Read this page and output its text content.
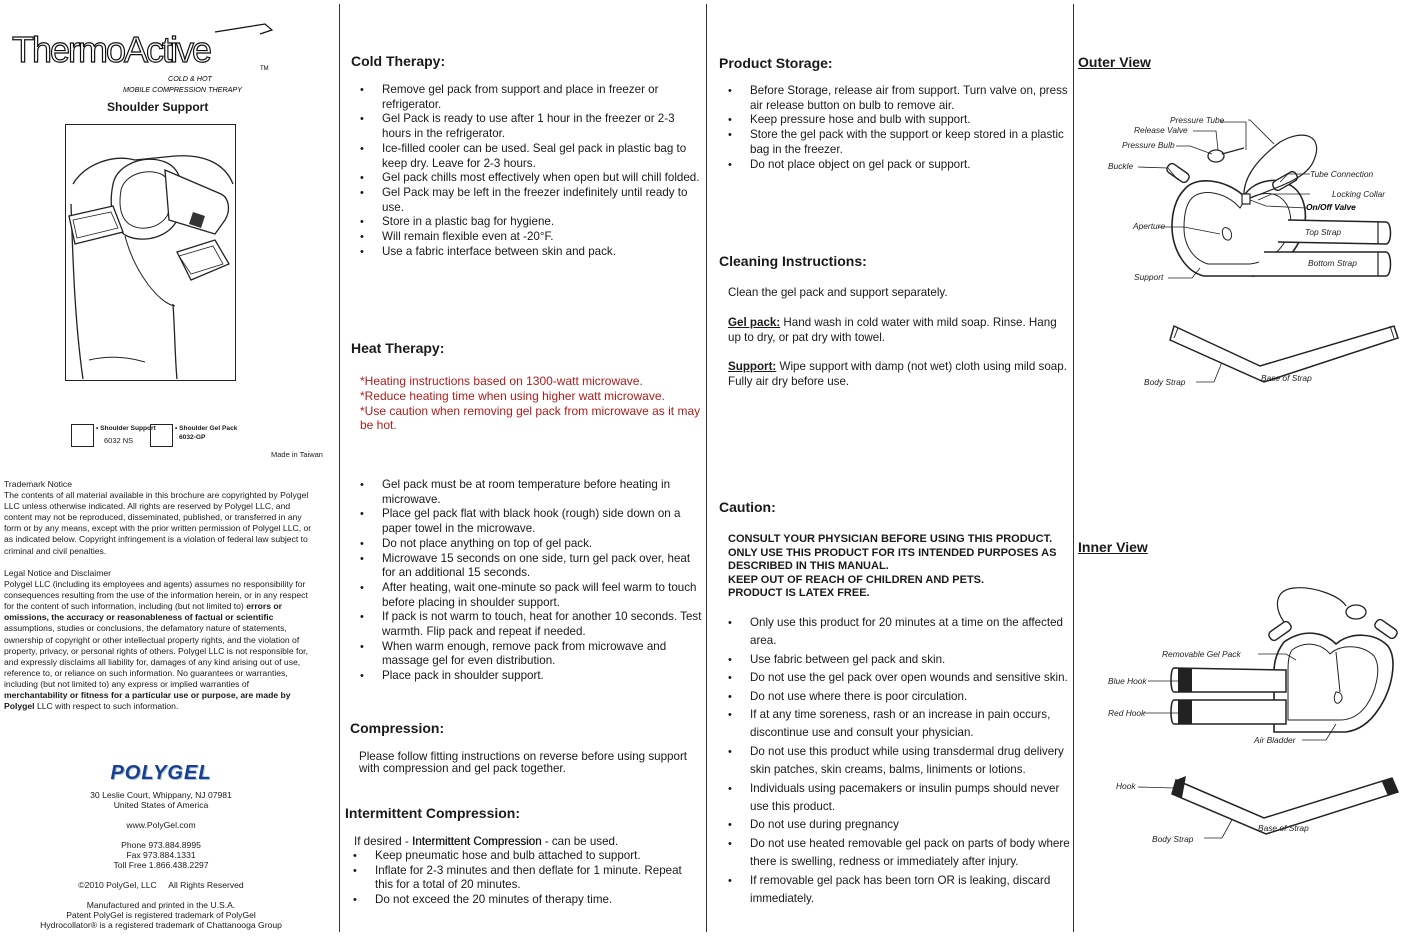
ThermoActive	TM
COLD & HOT
MOBILE COMPRESSION THERAPY
Shoulder Support
• Shoulder Support
6032 NS
• Shoulder Gel Pack
6032-GP
Made in Taiwan
Trademark Notice
The contents of all material available in this brochure are copyrighted by Polygel LLC unless otherwise indicated. All rights are reserved by Polygel LLC, and content may not be reproduced, disseminated, published, or transferred in any form or by any means, except with the prior written permission of Polygel LLC, or as indicated below. Copyright infringement is a violation of federal law subject to criminal and civil penalties.
Legal Notice and Disclaimer
Polygel LLC (including its employees and agents) assumes no responsibility for consequences resulting from the use of the information herein, or in any respect for the content of such information, including (but not limited to) errors or omissions, the accuracy or reasonableness of factual or scientific assumptions, studies or conclusions, the defamatory nature of statements, ownership of copyright or other intellectual property rights, and the violation of property, privacy, or personal rights of others. Polygel LLC is not responsible for, and expressly disclaims all liability for, damages of any kind arising out of use, reference to, or reliance on such information. No guarantees or warranties, including (but not limited to) any express or implied warranties of merchantability or fitness for a particular use or purpose, are made by Polygel LLC with respect to such information.
POLYGEL
30 Leslie Court, Whippany, NJ 07981
United States of America
www.PolyGel.com
Phone 973.884.8995
Fax 973.884.1331
Toll Free 1.866.438.2297
©2010 PolyGel, LLC     All Rights Reserved
Manufactured and printed in the U.S.A.
Patent PolyGel is registered trademark of PolyGel
Hydrocollator® is a registered trademark of Chattanooga Group
Cold Therapy:
• Remove gel pack from support and place in freezer or refrigerator.
• Gel Pack is ready to use after 1 hour in the freezer or 2-3 hours in the refrigerator.
• Ice-filled cooler can be used. Seal gel pack in plastic bag to keep dry. Leave for 2-3 hours.
• Gel pack chills most effectively when open but will chill folded.
• Gel Pack may be left in the freezer indefinitely until ready to use.
• Store in a plastic bag for hygiene.
• Will remain flexible even at -20°F.
• Use a fabric interface between skin and pack.
Heat Therapy:
*Heating instructions based on 1300-watt microwave.
*Reduce heating time when using higher watt microwave.
*Use caution when removing gel pack from microwave as it may be hot.
• Gel pack must be at room temperature before heating in microwave.
• Place gel pack flat with black hook (rough) side down on a paper towel in the microwave.
• Do not place anything on top of gel pack.
• Microwave 15 seconds on one side, turn gel pack over, heat for an additional 15 seconds.
• After heating, wait one-minute so pack will feel warm to touch before placing in shoulder support.
• If pack is not warm to touch, heat for another 10 seconds. Test warmth. Flip pack and repeat if needed.
• When warm enough, remove pack from microwave and massage gel for even distribution.
• Place pack in shoulder support.
Compression:
Please follow fitting instructions on reverse before using support with compression and gel pack together.
Intermittent Compression:
If desired - Intermittent Compression - can be used.
• Keep pneumatic hose and bulb attached to support.
• Inflate for 2-3 minutes and then deflate for 1 minute. Repeat this for a total of 20 minutes.
• Do not exceed the 20 minutes of therapy time.
Product Storage:
• Before Storage, release air from support. Turn valve on, press air release button on bulb to remove air.
• Keep pressure hose and bulb with support.
• Store the gel pack with the support or keep stored in a plastic bag in the freezer.
• Do not place object on gel pack or support.
Cleaning Instructions:
Clean the gel pack and support separately.
Gel pack: Hand wash in cold water with mild soap. Rinse. Hang up to dry, or pat dry with towel.
Support: Wipe support with damp (not wet) cloth using mild soap. Fully air dry before use.
Caution:
CONSULT YOUR PHYSICIAN BEFORE USING THIS PRODUCT.
ONLY USE THIS PRODUCT FOR ITS INTENDED PURPOSES AS
DESCRIBED IN THIS MANUAL.
KEEP OUT OF REACH OF CHILDREN AND PETS.
PRODUCT IS LATEX FREE.
• Only use this product for 20 minutes at a time on the affected area.
• Use fabric between gel pack and skin.
• Do not use the gel pack over open wounds and sensitive skin.
• Do not use where there is poor circulation.
• If at any time soreness, rash or an increase in pain occurs, discontinue use and consult your physician.
• Do not use this product while using transdermal drug delivery skin patches, skin creams, balms, liniments or lotions.
• Individuals using pacemakers or insulin pumps should never use this product.
• Do not use during pregnancy
• Do not use heated removable gel pack on parts of body where there is swelling, redness or immediately after injury.
• If removable gel pack has been torn OR is leaking, discard immediately.
Outer View
Pressure Tube
Release Valve
Pressure Bulb
Buckle
Tube Connection
Locking Collar
On/Off Valve
Aperture
Top Strap
Bottom Strap
Support
Body Strap	Base of Strap
Inner View
Removable Gel Pack
Blue Hook
Red Hook
Air Bladder
Hook
Body Strap
Base of Strap
